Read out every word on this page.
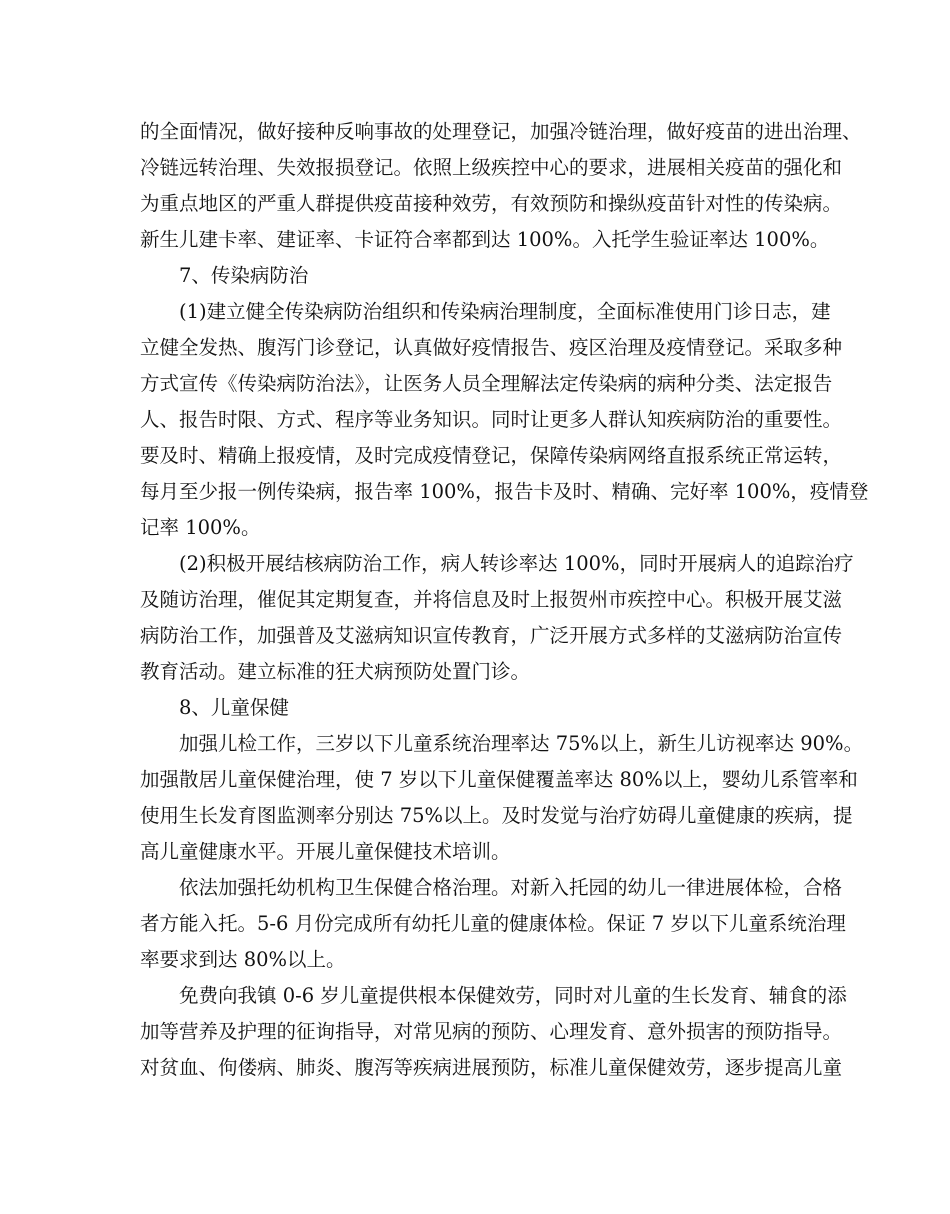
的全面情况，做好接种反响事故的处理登记，加强冷链治理，做好疫苗的进出治理、
冷链远转治理、失效报损登记。依照上级疾控中心的要求，进展相关疫苗的强化和
为重点地区的严重人群提供疫苗接种效劳，有效预防和操纵疫苗针对性的传染病。
新生儿建卡率、建证率、卡证符合率都到达 100%。入托学生验证率达 100%。
7、传染病防治
(1)建立健全传染病防治组织和传染病治理制度，全面标准使用门诊日志，建
立健全发热、腹泻门诊登记，认真做好疫情报告、疫区治理及疫情登记。采取多种
方式宣传《传染病防治法》，让医务人员全理解法定传染病的病种分类、法定报告
人、报告时限、方式、程序等业务知识。同时让更多人群认知疾病防治的重要性。
要及时、精确上报疫情，及时完成疫情登记，保障传染病网络直报系统正常运转，
每月至少报一例传染病，报告率 100%，报告卡及时、精确、完好率 100%，疫情登
记率 100%。
(2)积极开展结核病防治工作，病人转诊率达 100%，同时开展病人的追踪治疗
及随访治理，催促其定期复查，并将信息及时上报贺州市疾控中心。积极开展艾滋
病防治工作，加强普及艾滋病知识宣传教育，广泛开展方式多样的艾滋病防治宣传
教育活动。建立标准的狂犬病预防处置门诊。
8、儿童保健
加强儿检工作，三岁以下儿童系统治理率达 75%以上，新生儿访视率达 90%。
加强散居儿童保健治理，使 7 岁以下儿童保健覆盖率达 80%以上，婴幼儿系管率和
使用生长发育图监测率分别达 75%以上。及时发觉与治疗妨碍儿童健康的疾病，提
高儿童健康水平。开展儿童保健技术培训。
依法加强托幼机构卫生保健合格治理。对新入托园的幼儿一律进展体检，合格
者方能入托。5-6 月份完成所有幼托儿童的健康体检。保证 7 岁以下儿童系统治理
率要求到达 80%以上。
免费向我镇 0-6 岁儿童提供根本保健效劳，同时对儿童的生长发育、辅食的添
加等营养及护理的征询指导，对常见病的预防、心理发育、意外损害的预防指导。
对贫血、佝偻病、肺炎、腹泻等疾病进展预防，标准儿童保健效劳，逐步提高儿童
